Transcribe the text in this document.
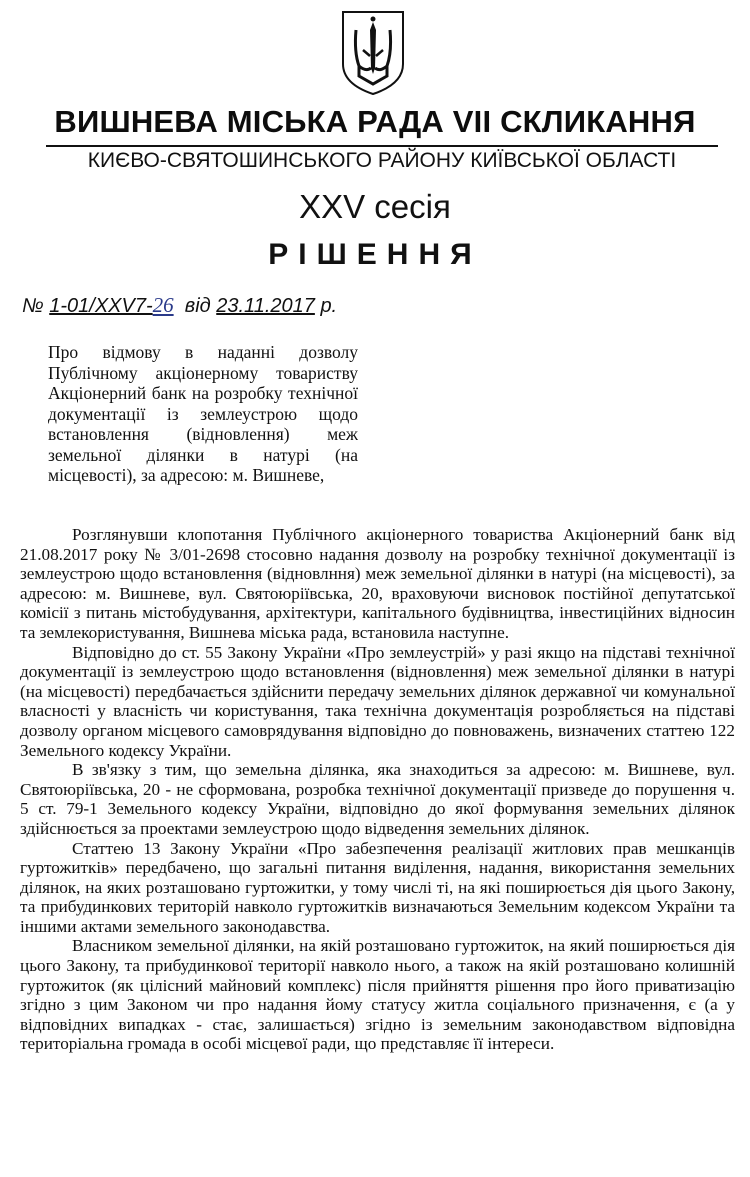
ВИШНЕВА МІСЬКА РАДА VII СКЛИКАННЯ
КИЄВО-СВЯТОШИНСЬКОГО РАЙОНУ КИЇВСЬКОЇ ОБЛАСТІ
XXV сесія
РІШЕННЯ
№ 1-01/XXV7-26 від 23.11.2017 р.
Про відмову в наданні дозволу Публічному акціонерному товариству Акціонерний банк на розробку технічної документації із землеустрою щодо встановлення (відновлення) меж земельної ділянки в натурі (на місцевості), за адресою: м. Вишневе,

Розглянувши клопотання Публічного акціонерного товариства Акціонерний банк від 21.08.2017 року № 3/01-2698 стосовно надання дозволу на розробку технічної документації із землеустрою щодо встановлення (відновлння) меж земельної ділянки в натурі (на місцевості), за адресою: м. Вишневе, вул. Святоюріївська, 20, враховуючи висновок постійної депутатської комісії з питань містобудування, архітектури, капітального будівництва, інвестиційних відносин та землекористування, Вишнева міська рада, встановила наступне.

Відповідно до ст. 55 Закону України «Про землеустрій» у разі якщо на підставі технічної документації із землеустрою щодо встановлення (відновлення) меж земельної ділянки в натурі (на місцевості) передбачається здійснити передачу земельних ділянок державної чи комунальної власності у власність чи користування, така технічна документація розробляється на підставі дозволу органом місцевого самоврядування відповідно до повноважень, визначених статтею 122 Земельного кодексу України.

В зв'язку з тим, що земельна ділянка, яка знаходиться за адресою: м. Вишневе, вул. Святоюріївська, 20 - не сформована, розробка технічної документації призведе до порушення ч. 5 ст. 79-1 Земельного кодексу України, відповідно до якої формування земельних ділянок здійснюється за проектами землеустрою щодо відведення земельних ділянок.

Статтею 13 Закону України «Про забезпечення реалізації житлових прав мешканців гуртожитків» передбачено, що загальні питання виділення, надання, використання земельних ділянок, на яких розташовано гуртожитки, у тому числі ті, на які поширюється дія цього Закону, та прибудинкових територій навколо гуртожитків визначаються Земельним кодексом України та іншими актами земельного законодавства.

Власником земельної ділянки, на якій розташовано гуртожиток, на який поширюється дія цього Закону, та прибудинкової території навколо нього, а також на якій розташовано колишній гуртожиток (як цілісний майновий комплекс) після прийняття рішення про його приватизацію згідно з цим Законом чи про надання йому статусу житла соціального призначення, є (а у відповідних випадках - стає, залишається) згідно із земельним законодавством відповідна територіальна громада в особі місцевої ради, що представляє її інтереси.
